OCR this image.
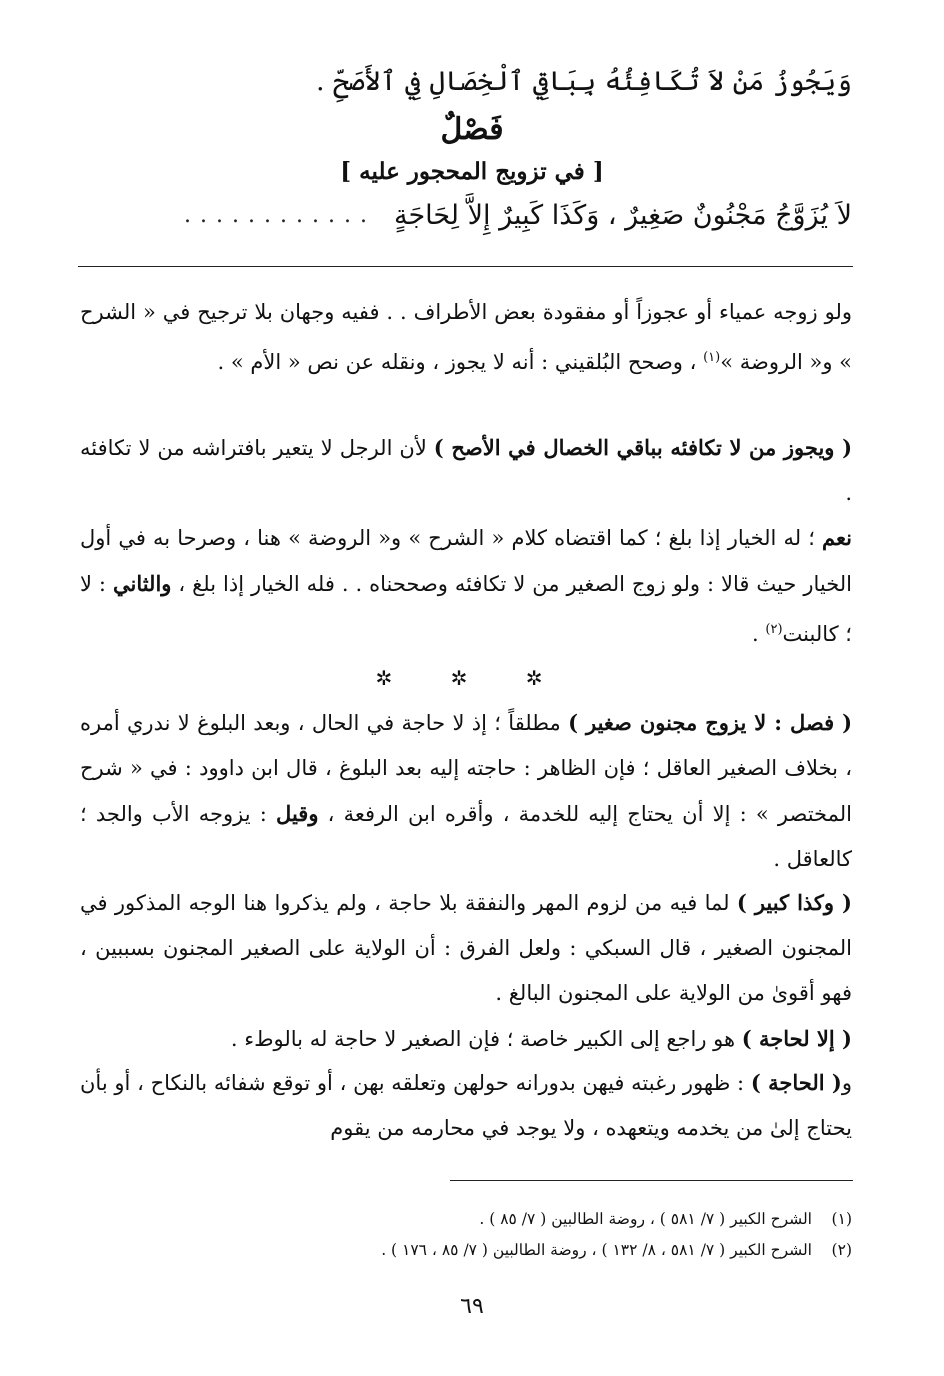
وَيَجُوزُ مَنْ لاَ تُكَافِئُهُ بِبَاقِي ٱلْخِصَالِ فِي ٱلأَصَحِّ .
فَصْلٌ
[ في تزويج المحجور عليه ]
لاَ يُزَوَّجُ مَجْنُونٌ صَغِيرٌ ، وَكَذَا كَبِيرٌ إِلاَّ لِحَاجَةٍ
............
ولو زوجه عمياء أو عجوزاً أو مفقودة بعض الأطراف . . ففيه وجهان بلا ترجيح في « الشرح » و« الروضة »$^{(١)}$ ، وصحح البُلقيني : أنه لا يجوز ، ونقله عن نص « الأم » .
( ويجوز من لا تكافئه بباقي الخصال في الأصح ) لأن الرجل لا يتعير بافتراشه من لا تكافئه .
نعم ؛ له الخيار إذا بلغ ؛ كما اقتضاه كلام « الشرح » و« الروضة » هنا ، وصرحا به في أول الخيار حيث قالا : ولو زوج الصغير من لا تكافئه وصححناه . . فله الخيار إذا بلغ ، والثاني : لا ؛ كالبنت$^{(٢)}$ .
✲ ✲ ✲
( فصل : لا يزوج مجنون صغير ) مطلقاً ؛ إذ لا حاجة في الحال ، وبعد البلوغ لا ندري أمره ، بخلاف الصغير العاقل ؛ فإن الظاهر : حاجته إليه بعد البلوغ ، قال ابن داوود : في « شرح المختصر » : إلا أن يحتاج إليه للخدمة ، وأقره ابن الرفعة ، وقيل : يزوجه الأب والجد ؛ كالعاقل .
( وكذا كبير ) لما فيه من لزوم المهر والنفقة بلا حاجة ، ولم يذكروا هنا الوجه المذكور في المجنون الصغير ، قال السبكي : ولعل الفرق : أن الولاية على الصغير المجنون بسببين ، فهو أقوىٰ من الولاية على المجنون البالغ .
( إلا لحاجة ) هو راجع إلى الكبير خاصة ؛ فإن الصغير لا حاجة له بالوطء .
و( الحاجة ) : ظهور رغبته فيهن بدورانه حولهن وتعلقه بهن ، أو توقع شفائه بالنكاح ، أو بأن يحتاج إلىٰ من يخدمه ويتعهده ، ولا يوجد في محارمه من يقوم
(١)الشرح الكبير ( ٧/ ٥٨١ ) ، روضة الطالبين ( ٧/ ٨٥ ) .
(٢)الشرح الكبير ( ٧/ ٥٨١ ، ٨/ ١٣٢ ) ، روضة الطالبين ( ٧/ ٨٥ ، ١٧٦ ) .
٦٩
